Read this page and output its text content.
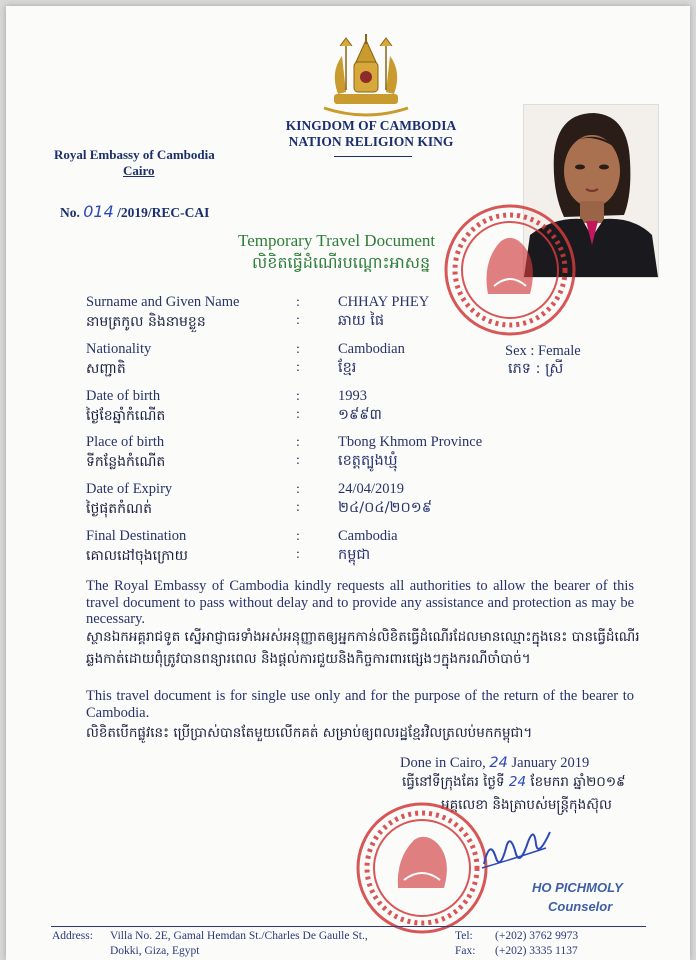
KINGDOM OF CAMBODIA
NATION RELIGION KING
Royal Embassy of Cambodia
Cairo
No. 014 /2019/REC-CAI
Temporary Travel Document
លិខិតធ្វើដំណើរបណ្ដោះអាសន្ន
Surname and Given Name
នាមត្រកូល និងនាមខ្លួន
:
:
CHHAY PHEY
ឆាយ ផៃ
Nationality
សញ្ជាតិ
:
:
Cambodian
ខ្មែរ
Sex : Female
ភេទ : ស្រី
Date of birth
ថ្ងៃខែឆ្នាំកំណើត
:
:
1993
១៩៩៣
Place of birth
ទីកន្លែងកំណើត
:
:
Tbong Khmom Province
ខេត្តត្បូងឃ្មុំ
Date of Expiry
ថ្ងៃផុតកំណត់
:
:
24/04/2019
២៤/០៤/២០១៩
Final Destination
គោលដៅចុងក្រោយ
:
:
Cambodia
កម្ពុជា
The Royal Embassy of Cambodia kindly requests all authorities to allow the bearer of this travel document to pass without delay and to provide any assistance and protection as may be necessary.
ស្ថានឯកអគ្គរាជទូត ស្នើអាជ្ញាធរទាំងអស់អនុញ្ញាតឲ្យអ្នកកាន់លិខិតធ្វើដំណើរដែលមានឈ្មោះក្នុងនេះ បានធ្វើដំណើរឆ្លងកាត់ដោយពុំត្រូវបានពន្យារពេល និងផ្តល់ការជួយនិងកិច្ចការពារផ្សេងៗក្នុងករណីចាំបាច់។
This travel document is for single use only and for the purpose of the return of the bearer to Cambodia.
លិខិតបើកផ្លូវនេះ ប្រើប្រាស់បានតែមួយលើកគត់ សម្រាប់ឲ្យពលរដ្ឋខ្មែរវិលត្រលប់មកកម្ពុជា។
Done in Cairo, 24 January 2019
ធ្វើនៅទីក្រុងគែរ ថ្ងៃទី 24 ខែមករា ឆ្នាំ២០១៩
អគ្គលេខា និងត្រាបស់មន្ត្រីកុងស៊ុល
HO PICHMOLY
Counselor
Address: Villa No. 2E, Gamal Hemdan St./Charles De Gaulle St.,
Dokki, Giza, Egypt
Tel: (+202) 3762 9973
Fax: (+202) 3335 1137
